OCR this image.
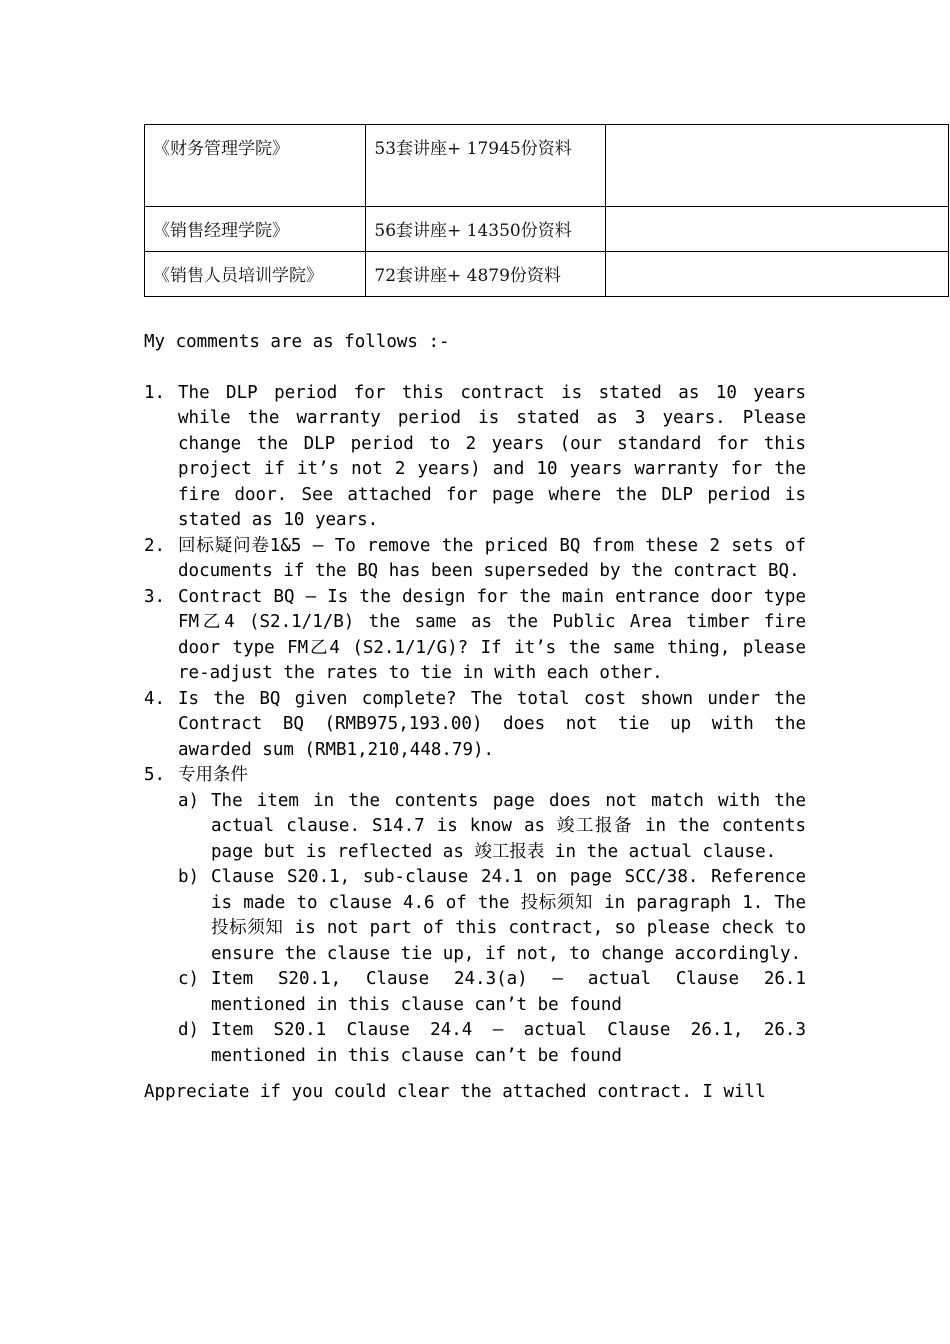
《财务管理学院》	53套讲座+ 17945份资料	
《销售经理学院》	56套讲座+ 14350份资料	
《销售人员培训学院》	72套讲座+ 4879份资料	

My comments are as follows :-

1. The DLP period for this contract is stated as 10 years while the warranty period is stated as 3 years. Please change the DLP period to 2 years (our standard for this project if it’s not 2 years) and 10 years warranty for the fire door. See attached for page where the DLP period is stated as 10 years.
2. 回标疑问卷1&5 – To remove the priced BQ from these 2 sets of documents if the BQ has been superseded by the contract BQ.
3. Contract BQ – Is the design for the main entrance door type FM乙4 (S2.1/1/B) the same as the Public Area timber fire door type FM乙4 (S2.1/1/G)? If it’s the same thing, please re-adjust the rates to tie in with each other.
4. Is the BQ given complete? The total cost shown under the Contract BQ (RMB975,193.00) does not tie up with the awarded sum (RMB1,210,448.79).
5. 专用条件
a) The item in the contents page does not match with the actual clause. S14.7 is know as 竣工报备 in the contents page but is reflected as 竣工报表 in the actual clause.
b) Clause S20.1, sub-clause 24.1 on page SCC/38. Reference is made to clause 4.6 of the 投标须知 in paragraph 1. The 投标须知 is not part of this contract, so please check to ensure the clause tie up, if not, to change accordingly.
c) Item S20.1, Clause 24.3(a) – actual Clause 26.1 mentioned in this clause can’t be found
d) Item S20.1 Clause 24.4 – actual Clause 26.1, 26.3 mentioned in this clause can’t be found

Appreciate if you could clear the attached contract. I will
